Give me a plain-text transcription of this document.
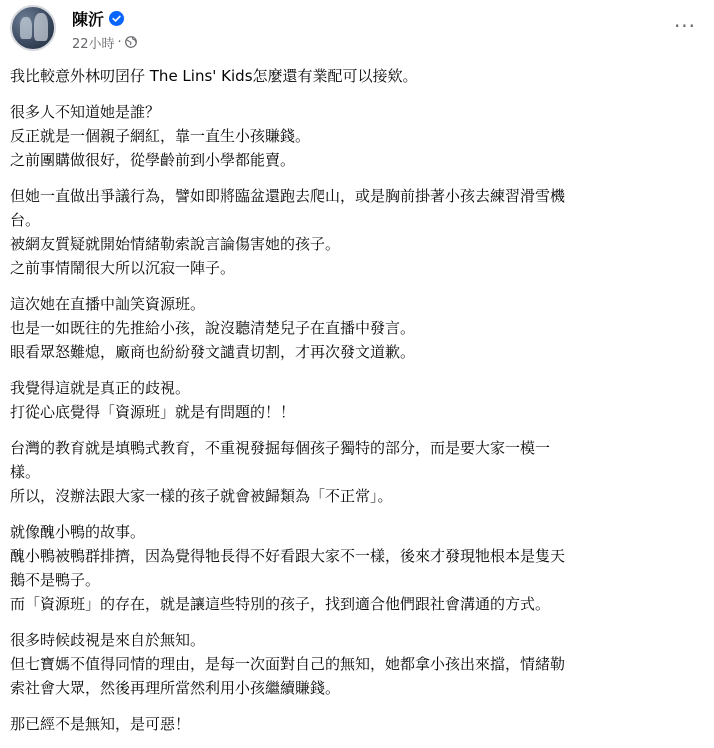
陳沂
22小時 ·
···
我比較意外林叨囝仔 The Lins' Kids怎麼還有業配可以接欸。
很多人不知道她是誰？
反正就是一個親子網紅，靠一直生小孩賺錢。
之前團購做很好，從學齡前到小學都能賣。
但她一直做出爭議行為，譬如即將臨盆還跑去爬山，或是胸前掛著小孩去練習滑雪機
台。
被網友質疑就開始情緒勒索說言論傷害她的孩子。
之前事情鬧很大所以沉寂一陣子。
這次她在直播中訕笑資源班。
也是一如既往的先推給小孩，說沒聽清楚兒子在直播中發言。
眼看眾怒難熄，廠商也紛紛發文譴責切割，才再次發文道歉。
我覺得這就是真正的歧視。
打從心底覺得「資源班」就是有問題的！！
台灣的教育就是填鴨式教育，不重視發掘每個孩子獨特的部分，而是要大家一模一
樣。
所以，沒辦法跟大家一樣的孩子就會被歸類為「不正常」。
就像醜小鴨的故事。
醜小鴨被鴨群排擠，因為覺得牠長得不好看跟大家不一樣，後來才發現牠根本是隻天
鵝不是鴨子。
而「資源班」的存在，就是讓這些特別的孩子，找到適合他們跟社會溝通的方式。
很多時候歧視是來自於無知。
但七寶媽不值得同情的理由，是每一次面對自己的無知，她都拿小孩出來擋，情緒勒
索社會大眾，然後再理所當然利用小孩繼續賺錢。
那已經不是無知，是可惡！
